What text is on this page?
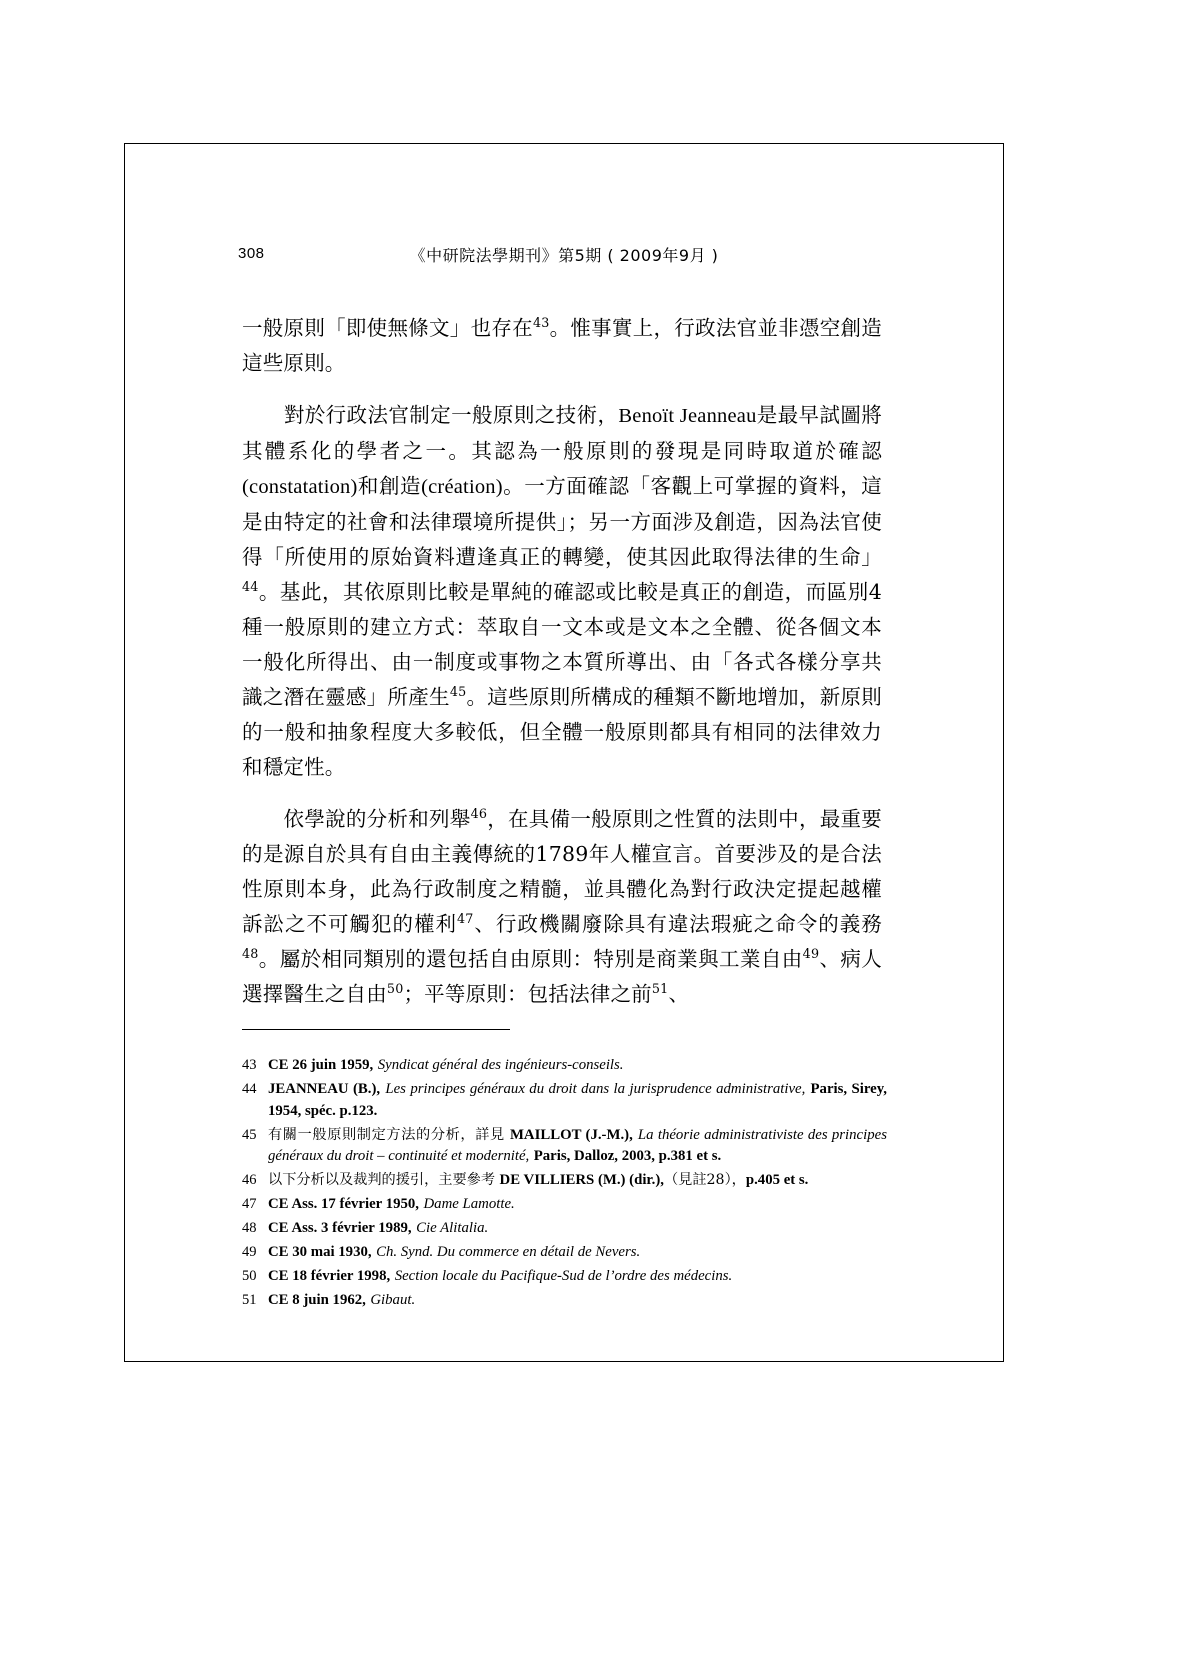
308	《中研院法學期刊》第5期 ( 2009年9月 )

一般原則「即使無條文」也存在$^{43}$。惟事實上，行政法官並非憑空創造這些原則。

　　對於行政法官制定一般原則之技術，Benoït Jeanneau是最早試圖將其體系化的學者之一。其認為一般原則的發現是同時取道於確認(constatation)和創造(création)。一方面確認「客觀上可掌握的資料，這是由特定的社會和法律環境所提供」；另一方面涉及創造，因為法官使得「所使用的原始資料遭逢真正的轉變，使其因此取得法律的生命」$^{44}$。基此，其依原則比較是單純的確認或比較是真正的創造，而區別4種一般原則的建立方式：萃取自一文本或是文本之全體、從各個文本一般化所得出、由一制度或事物之本質所導出、由「各式各樣分享共識之潛在靈感」所產生$^{45}$。這些原則所構成的種類不斷地增加，新原則的一般和抽象程度大多較低，但全體一般原則都具有相同的法律效力和穩定性。

　　依學說的分析和列舉$^{46}$，在具備一般原則之性質的法則中，最重要的是源自於具有自由主義傳統的1789年人權宣言。首要涉及的是合法性原則本身，此為行政制度之精髓，並具體化為對行政決定提起越權訴訟之不可觸犯的權利$^{47}$、行政機關廢除具有違法瑕疵之命令的義務$^{48}$。屬於相同類別的還包括自由原則：特別是商業與工業自由$^{49}$、病人選擇醫生之自由$^{50}$；平等原則：包括法律之前$^{51}$、

43 CE 26 juin 1959, Syndicat général des ingénieurs-conseils.
44 JEANNEAU (B.), Les principes généraux du droit dans la jurisprudence administrative, Paris, Sirey, 1954, spéc. p.123.
45 有關一般原則制定方法的分析，詳見 MAILLOT (J.-M.), La théorie administrativiste des principes généraux du droit – continuité et modernité, Paris, Dalloz, 2003, p.381 et s.
46 以下分析以及裁判的援引，主要參考 DE VILLIERS (M.) (dir.),（見註28），p.405 et s.
47 CE Ass. 17 février 1950, Dame Lamotte.
48 CE Ass. 3 février 1989, Cie Alitalia.
49 CE 30 mai 1930, Ch. Synd. Du commerce en détail de Nevers.
50 CE 18 février 1998, Section locale du Pacifique-Sud de l’ordre des médecins.
51 CE 8 juin 1962, Gibaut.
